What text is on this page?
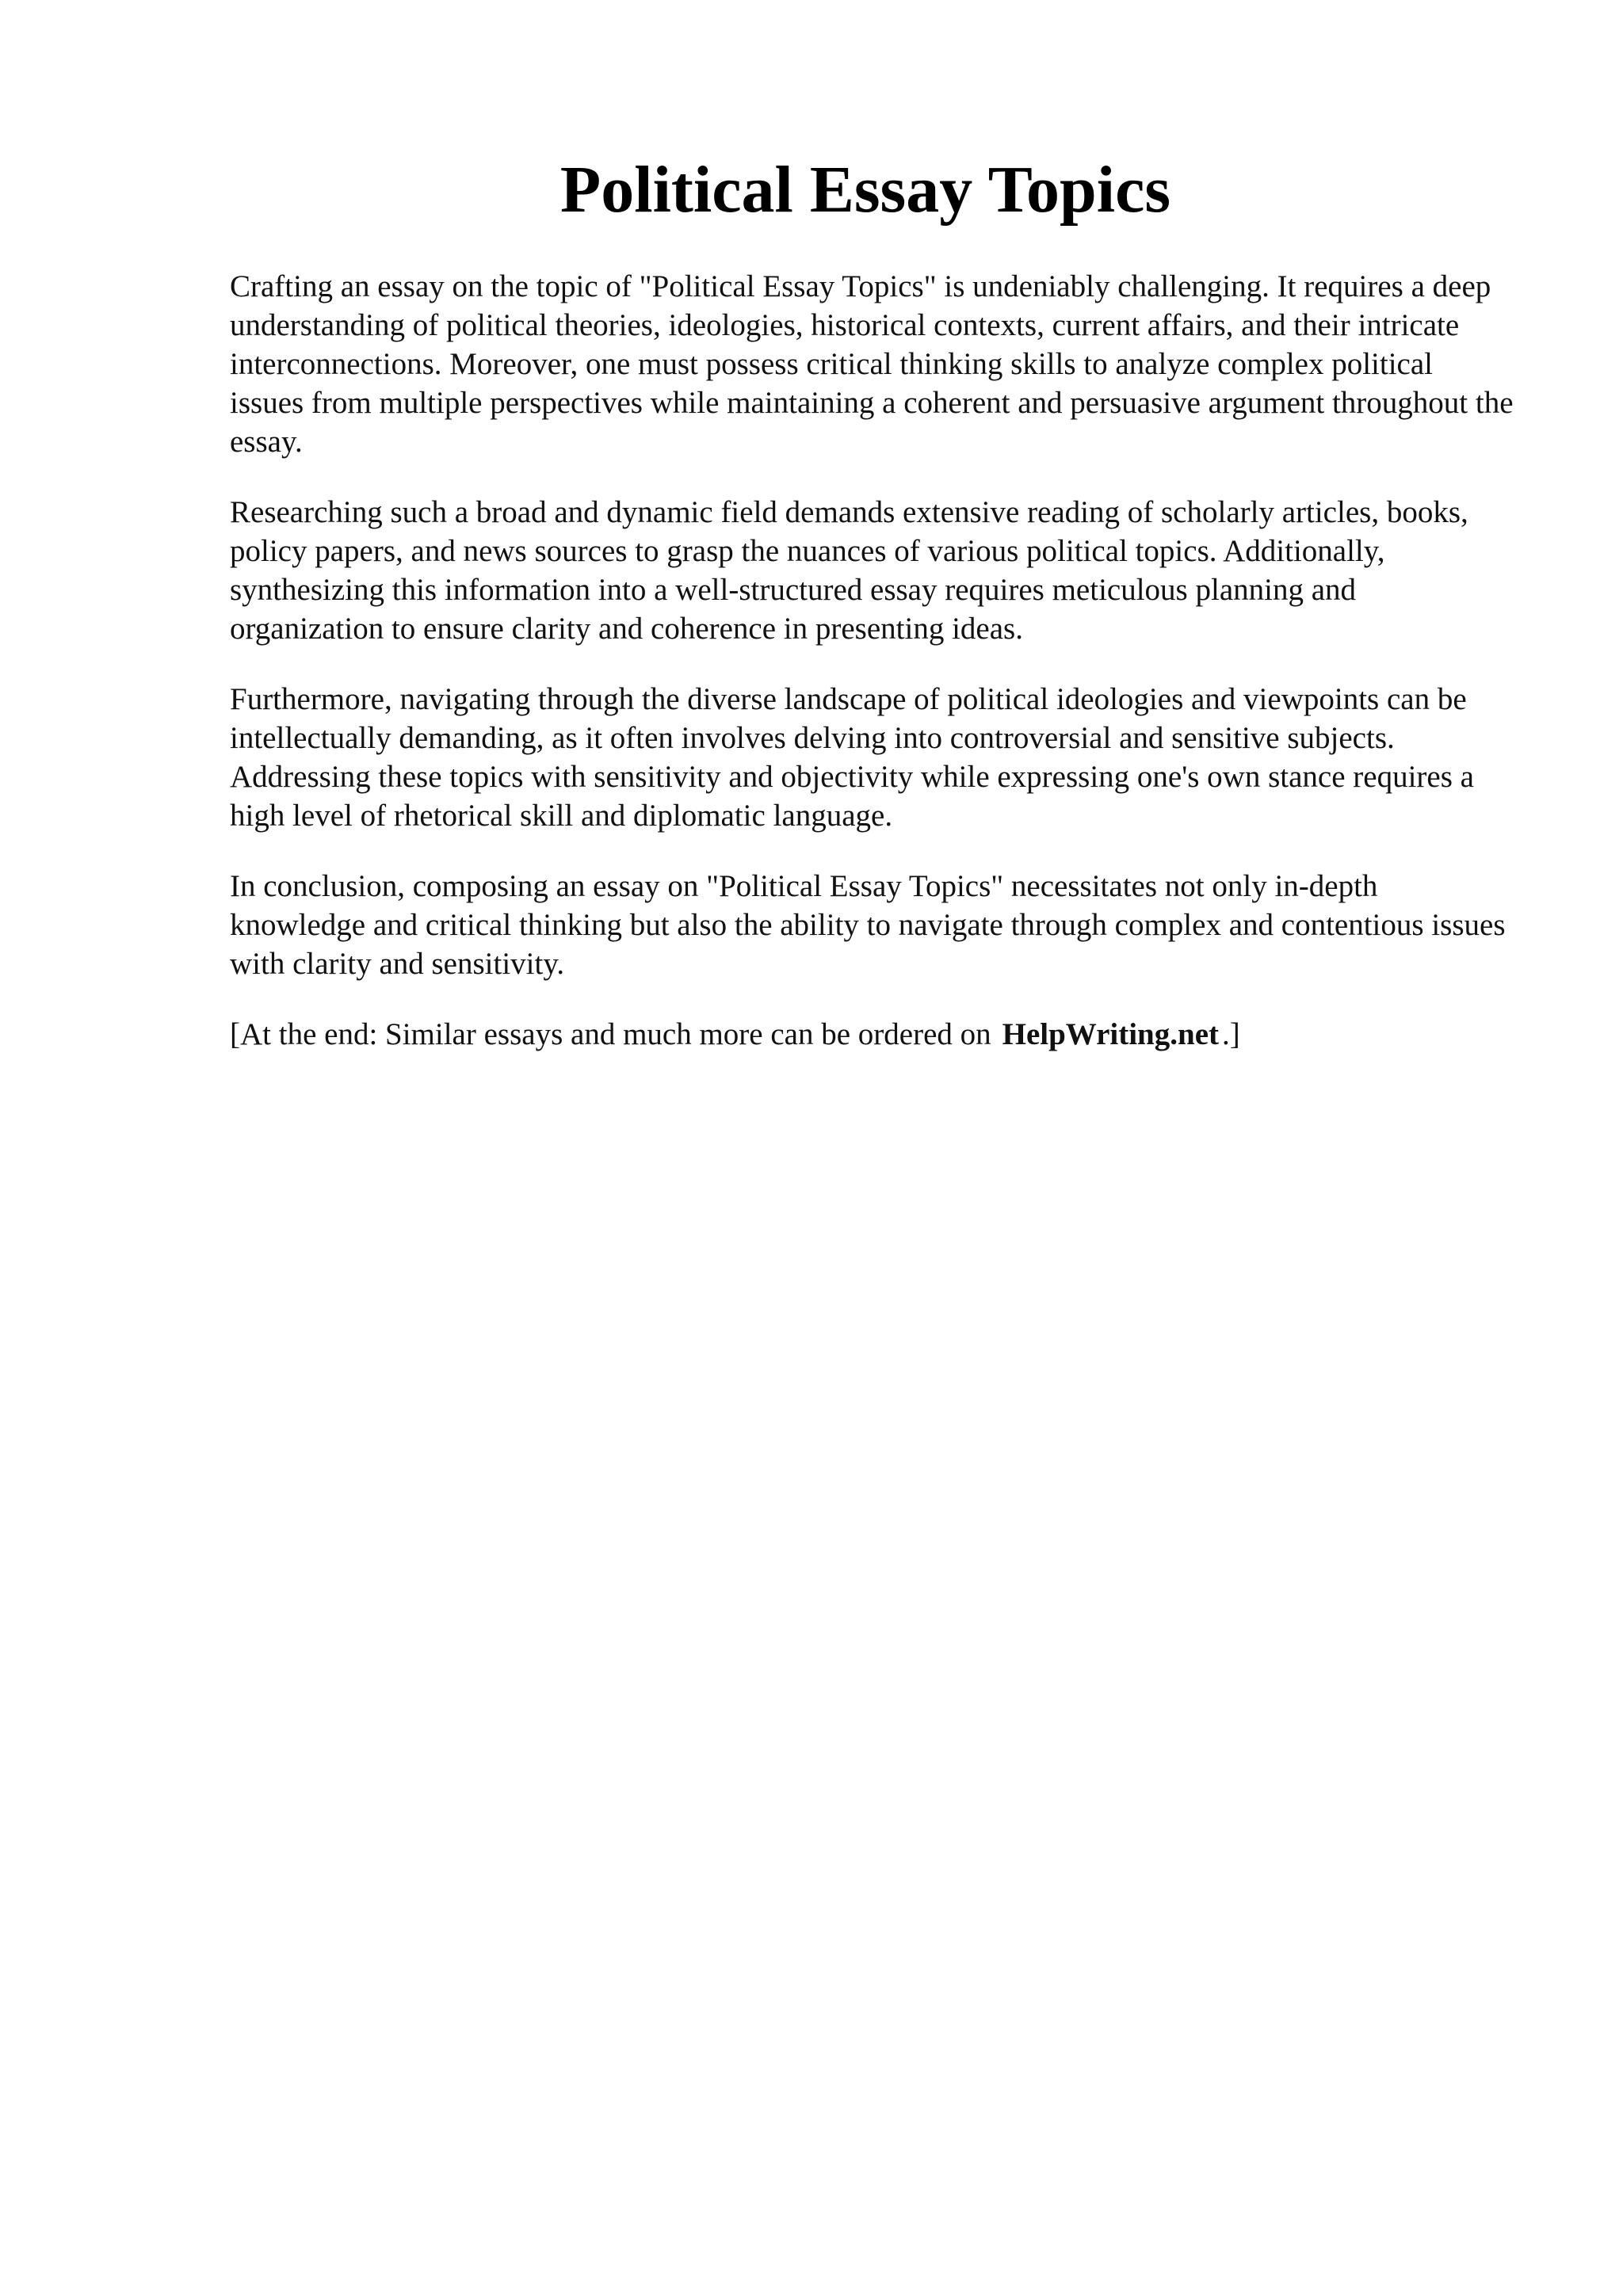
Political Essay Topics

Crafting an essay on the topic of "Political Essay Topics" is undeniably challenging. It requires a deep understanding of political theories, ideologies, historical contexts, current affairs, and their intricate interconnections. Moreover, one must possess critical thinking skills to analyze complex political issues from multiple perspectives while maintaining a coherent and persuasive argument throughout the essay.

Researching such a broad and dynamic field demands extensive reading of scholarly articles, books, policy papers, and news sources to grasp the nuances of various political topics. Additionally, synthesizing this information into a well-structured essay requires meticulous planning and organization to ensure clarity and coherence in presenting ideas.

Furthermore, navigating through the diverse landscape of political ideologies and viewpoints can be intellectually demanding, as it often involves delving into controversial and sensitive subjects. Addressing these topics with sensitivity and objectivity while expressing one's own stance requires a high level of rhetorical skill and diplomatic language.

In conclusion, composing an essay on "Political Essay Topics" necessitates not only in-depth knowledge and critical thinking but also the ability to navigate through complex and contentious issues with clarity and sensitivity.

[At the end: Similar essays and much more can be ordered on HelpWriting.net .]
